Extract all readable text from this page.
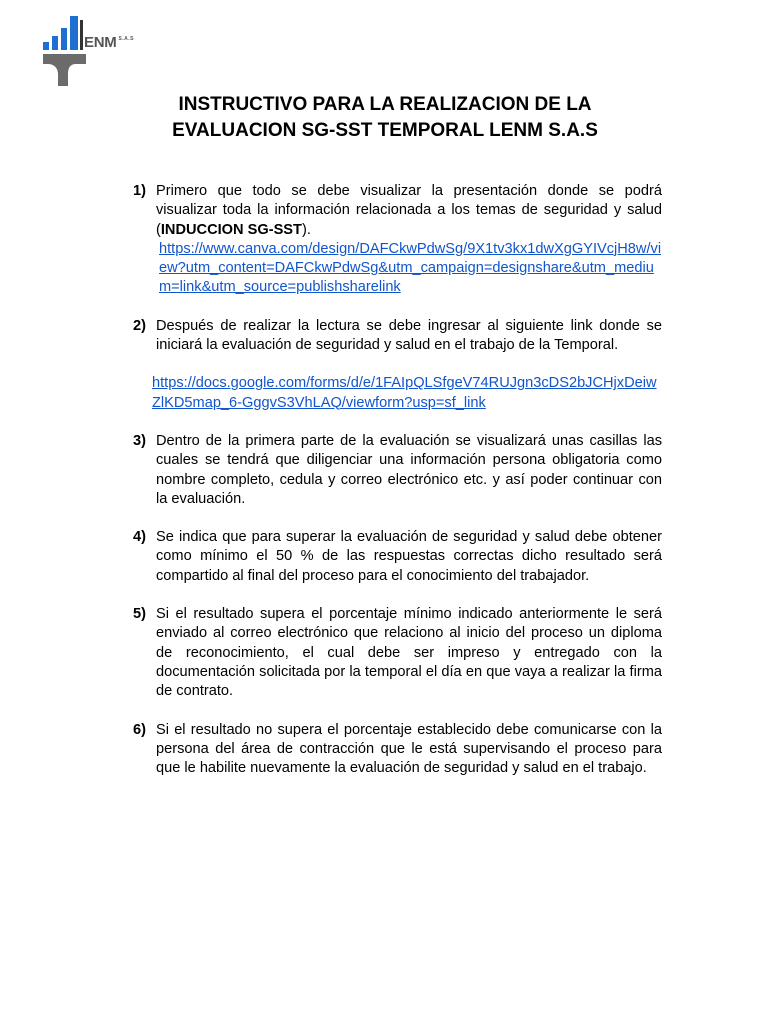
ENM $^{S.A.S}$
INSTRUCTIVO PARA LA REALIZACION DE LA
EVALUACION SG-SST TEMPORAL LENM S.A.S
1) Primero que todo se debe visualizar la presentación donde se podrá visualizar toda la información relacionada a los temas de seguridad y salud (INDUCCION SG-SST).

https://www.canva.com/design/DAFCkwPdwSg/9X1tv3kx1dwXgGYIVcjH8w/view?utm_content=DAFCkwPdwSg&utm_campaign=designshare&utm_medium=link&utm_source=publishsharelink
2) Después de realizar la lectura se debe ingresar al siguiente link donde se iniciará la evaluación de seguridad y salud en el trabajo de la Temporal.

https://docs.google.com/forms/d/e/1FAIpQLSfgeV74RUJgn3cDS2bJCHjxDeiwZlKD5map_6-GggvS3VhLAQ/viewform?usp=sf_link
3) Dentro de la primera parte de la evaluación se visualizará unas casillas las cuales se tendrá que diligenciar una información persona obligatoria como nombre completo, cedula y correo electrónico etc. y así poder continuar con la evaluación.

4) Se indica que para superar la evaluación de seguridad y salud debe obtener como mínimo el 50 % de las respuestas correctas dicho resultado será compartido al final del proceso para el conocimiento del trabajador.

5) Si el resultado supera el porcentaje mínimo indicado anteriormente le será enviado al correo electrónico que relaciono al inicio del proceso un diploma de reconocimiento, el cual debe ser impreso y entregado con la documentación solicitada por la temporal el día en que vaya a realizar la firma de contrato.

6) Si el resultado no supera el porcentaje establecido debe comunicarse con la persona del área de contracción que le está supervisando el proceso para que le habilite nuevamente la evaluación de seguridad y salud en el trabajo.
